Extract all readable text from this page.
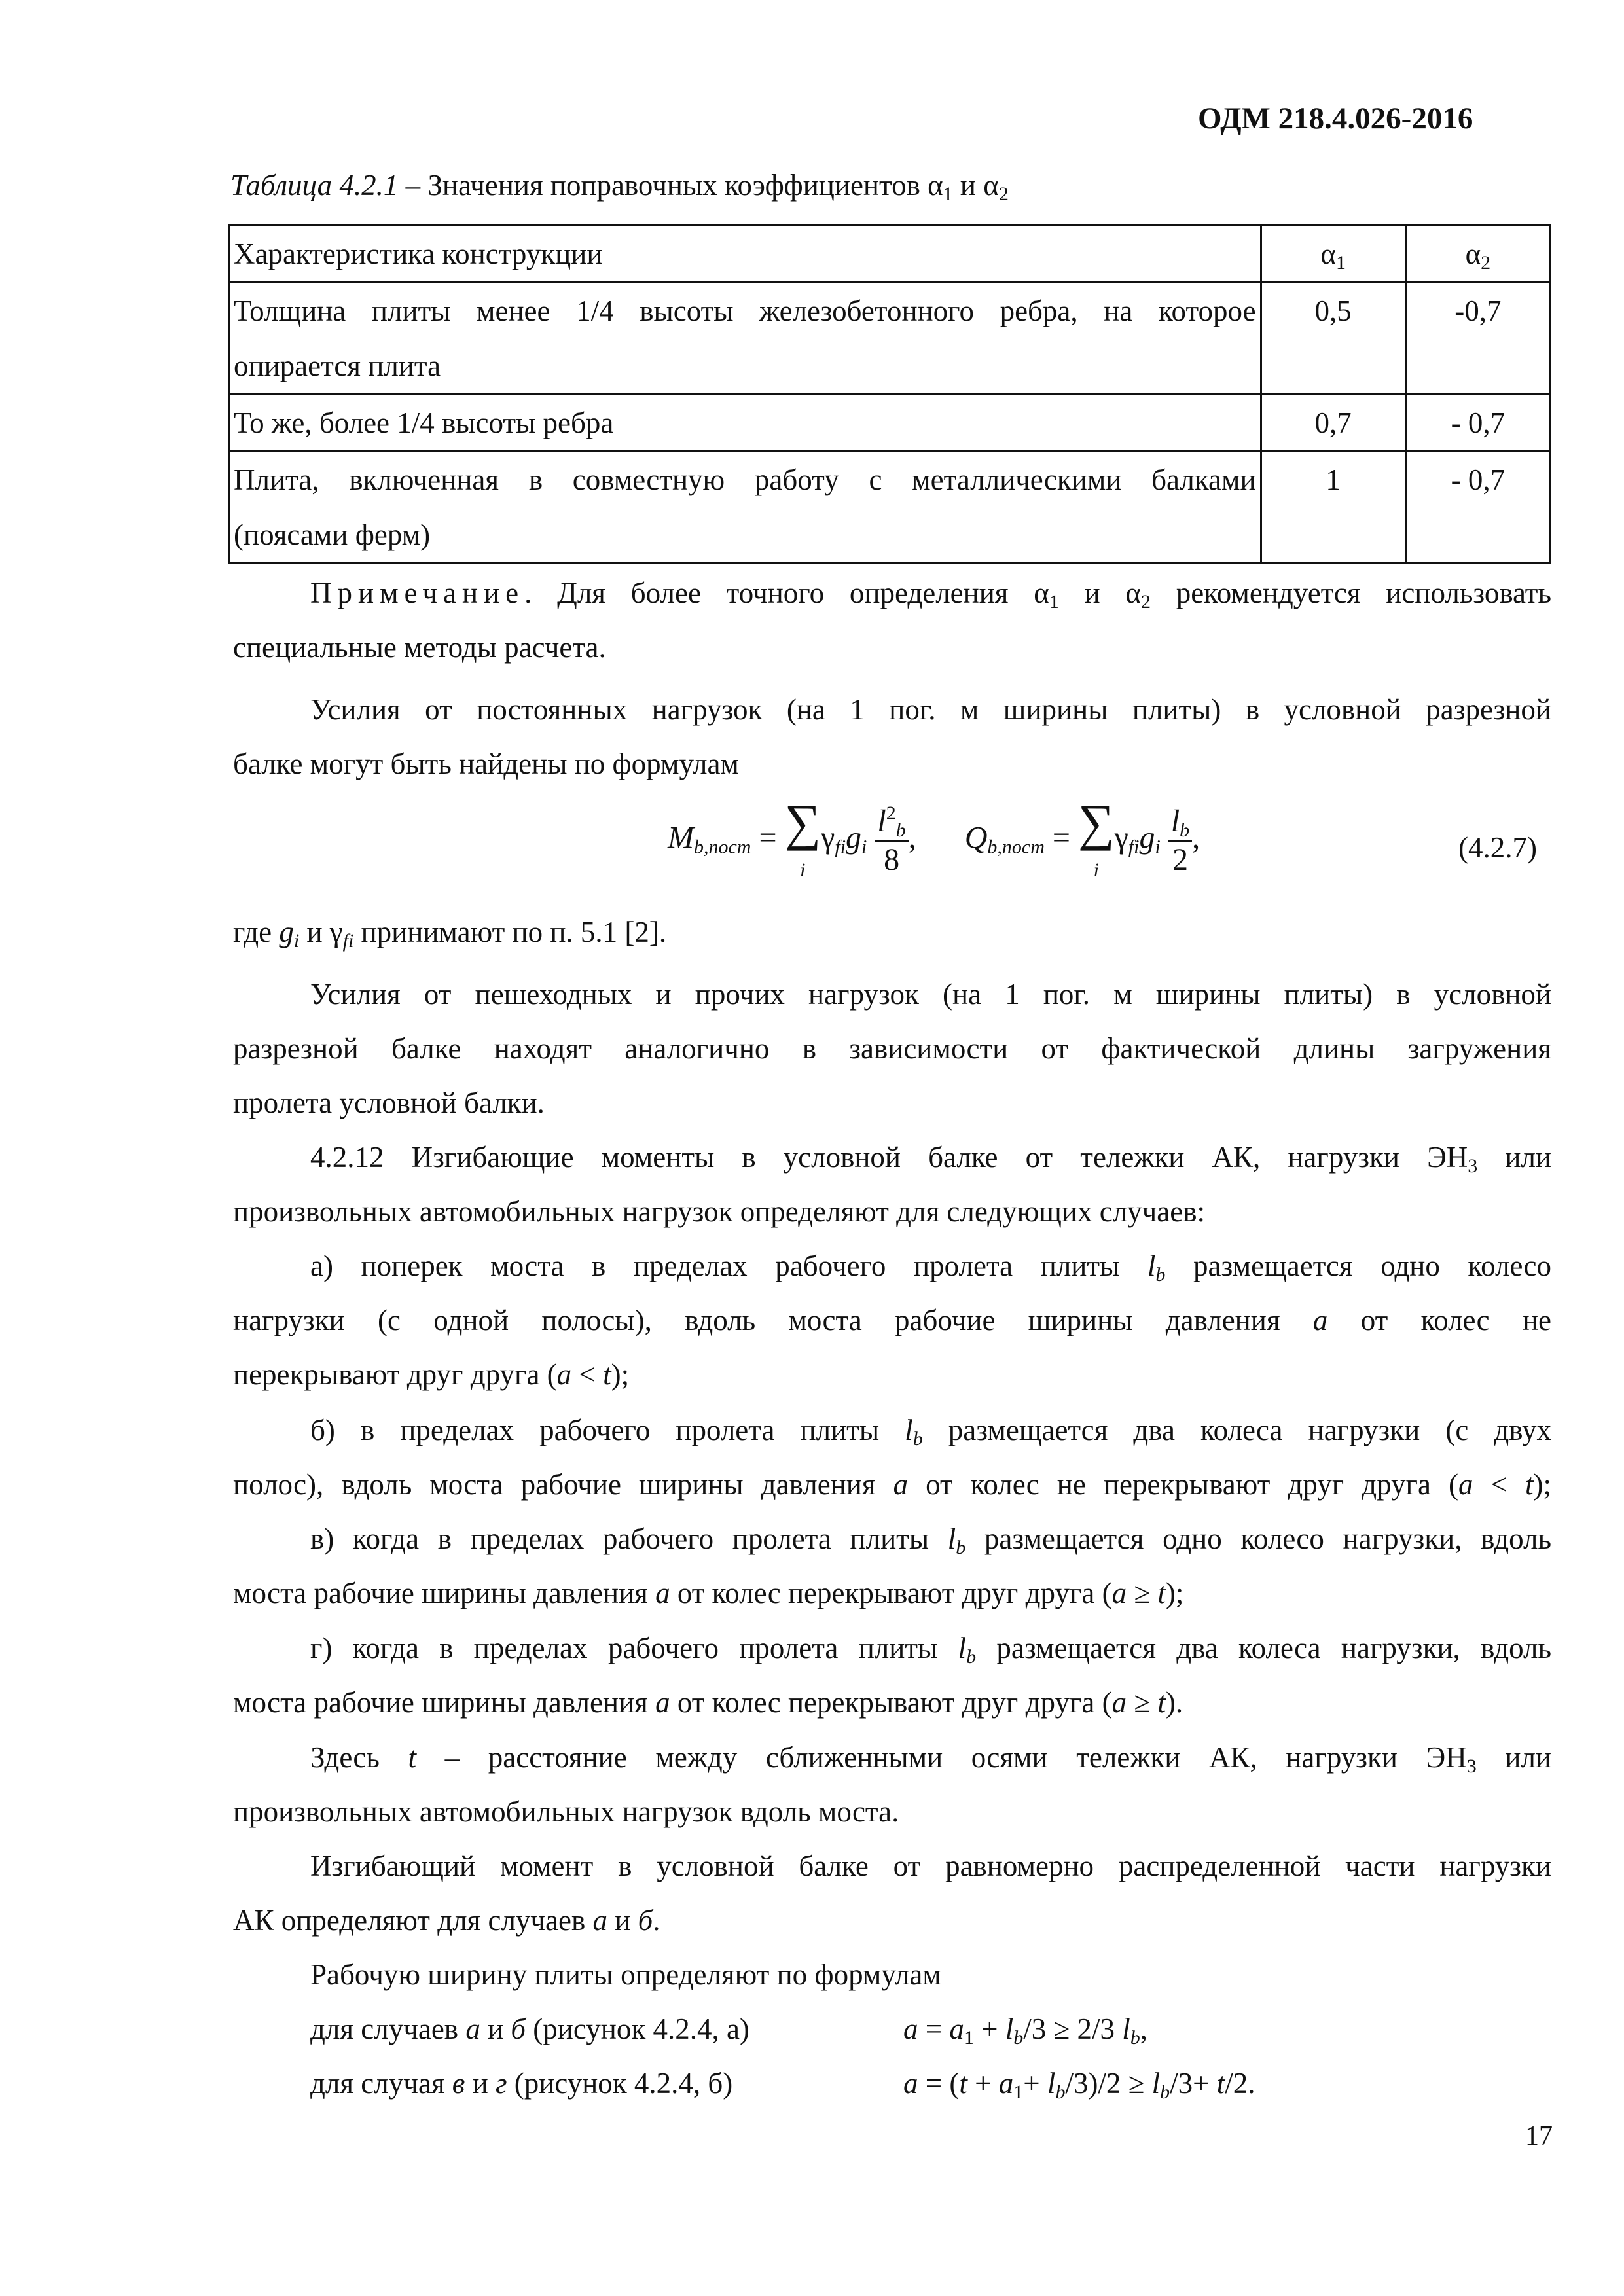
ОДМ 218.4.026-2016
Таблица 4.2.1 – Значения поправочных коэффициентов $\alpha_1$ и $\alpha_2$
Характеристика конструкции	$\alpha_1$	$\alpha_2$

Толщина плиты менее 1/4 высоты железобетонного ребра, на которое
опирается плита	0,5	-0,7
То же, более 1/4 высоты ребра	0,7	- 0,7

Плита, включенная в совместную работу с металлическими балками
(поясами ферм)	1	- 0,7
Примечание. Для более точного определения $\alpha_1$ и $\alpha_2$ рекомендуется использовать
специальные методы расчета.
Усилия от постоянных нагрузок (на 1 пог. м ширины плиты) в условной разрезной
балке могут быть найдены по формулам
$M_{b,пост}$ = ∑
$i\gamma_{fi}g_i \frac{l^2_b}{8}$ , $Q_{b,пост}$ = ∑
$i\gamma_{fi}g_i \frac{l_b}{2}$ ,	(4.2.7)
где $g_i$ и $\gamma_{fi}$ принимают по п. 5.1 [2].
Усилия от пешеходных и прочих нагрузок (на 1 пог. м ширины плиты) в условной
разрезной балке находят аналогично в зависимости от фактической длины загружения
пролета условной балки.
4.2.12 Изгибающие моменты в условной балке от тележки АК, нагрузки $ЭН_3$ или
произвольных автомобильных нагрузок определяют для следующих случаев:
а) поперек моста в пределах рабочего пролета плиты $l_b$ размещается одно колесо
нагрузки (с одной полосы), вдоль моста рабочие ширины давления a от колес не
перекрывают друг друга (a < t);
б) в пределах рабочего пролета плиты $l_b$ размещается два колеса нагрузки (с двух
полос), вдоль моста рабочие ширины давления a от колес не перекрывают друг друга (a < t);
в) когда в пределах рабочего пролета плиты $l_b$ размещается одно колесо нагрузки, вдоль
моста рабочие ширины давления a от колес перекрывают друг друга (a ≥ t);
г) когда в пределах рабочего пролета плиты $l_b$ размещается два колеса нагрузки, вдоль
моста рабочие ширины давления a от колес перекрывают друг друга (a ≥ t).
Здесь t – расстояние между сближенными осями тележки АК, нагрузки $ЭН_3$ или
произвольных автомобильных нагрузок вдоль моста.
Изгибающий момент в условной балке от равномерно распределенной части нагрузки
АК определяют для случаев а и б.
Рабочую ширину плиты определяют по формулам
для случаев а и б (рисунок 4.2.4, а)	$a = a_1 + l_b/3 \ge 2/3$ $l_b$,
для случая в и г (рисунок 4.2.4, б)	$a = (t + a_1+ l_b/3)/2 \ge l_b/3+ t/2$.
17
